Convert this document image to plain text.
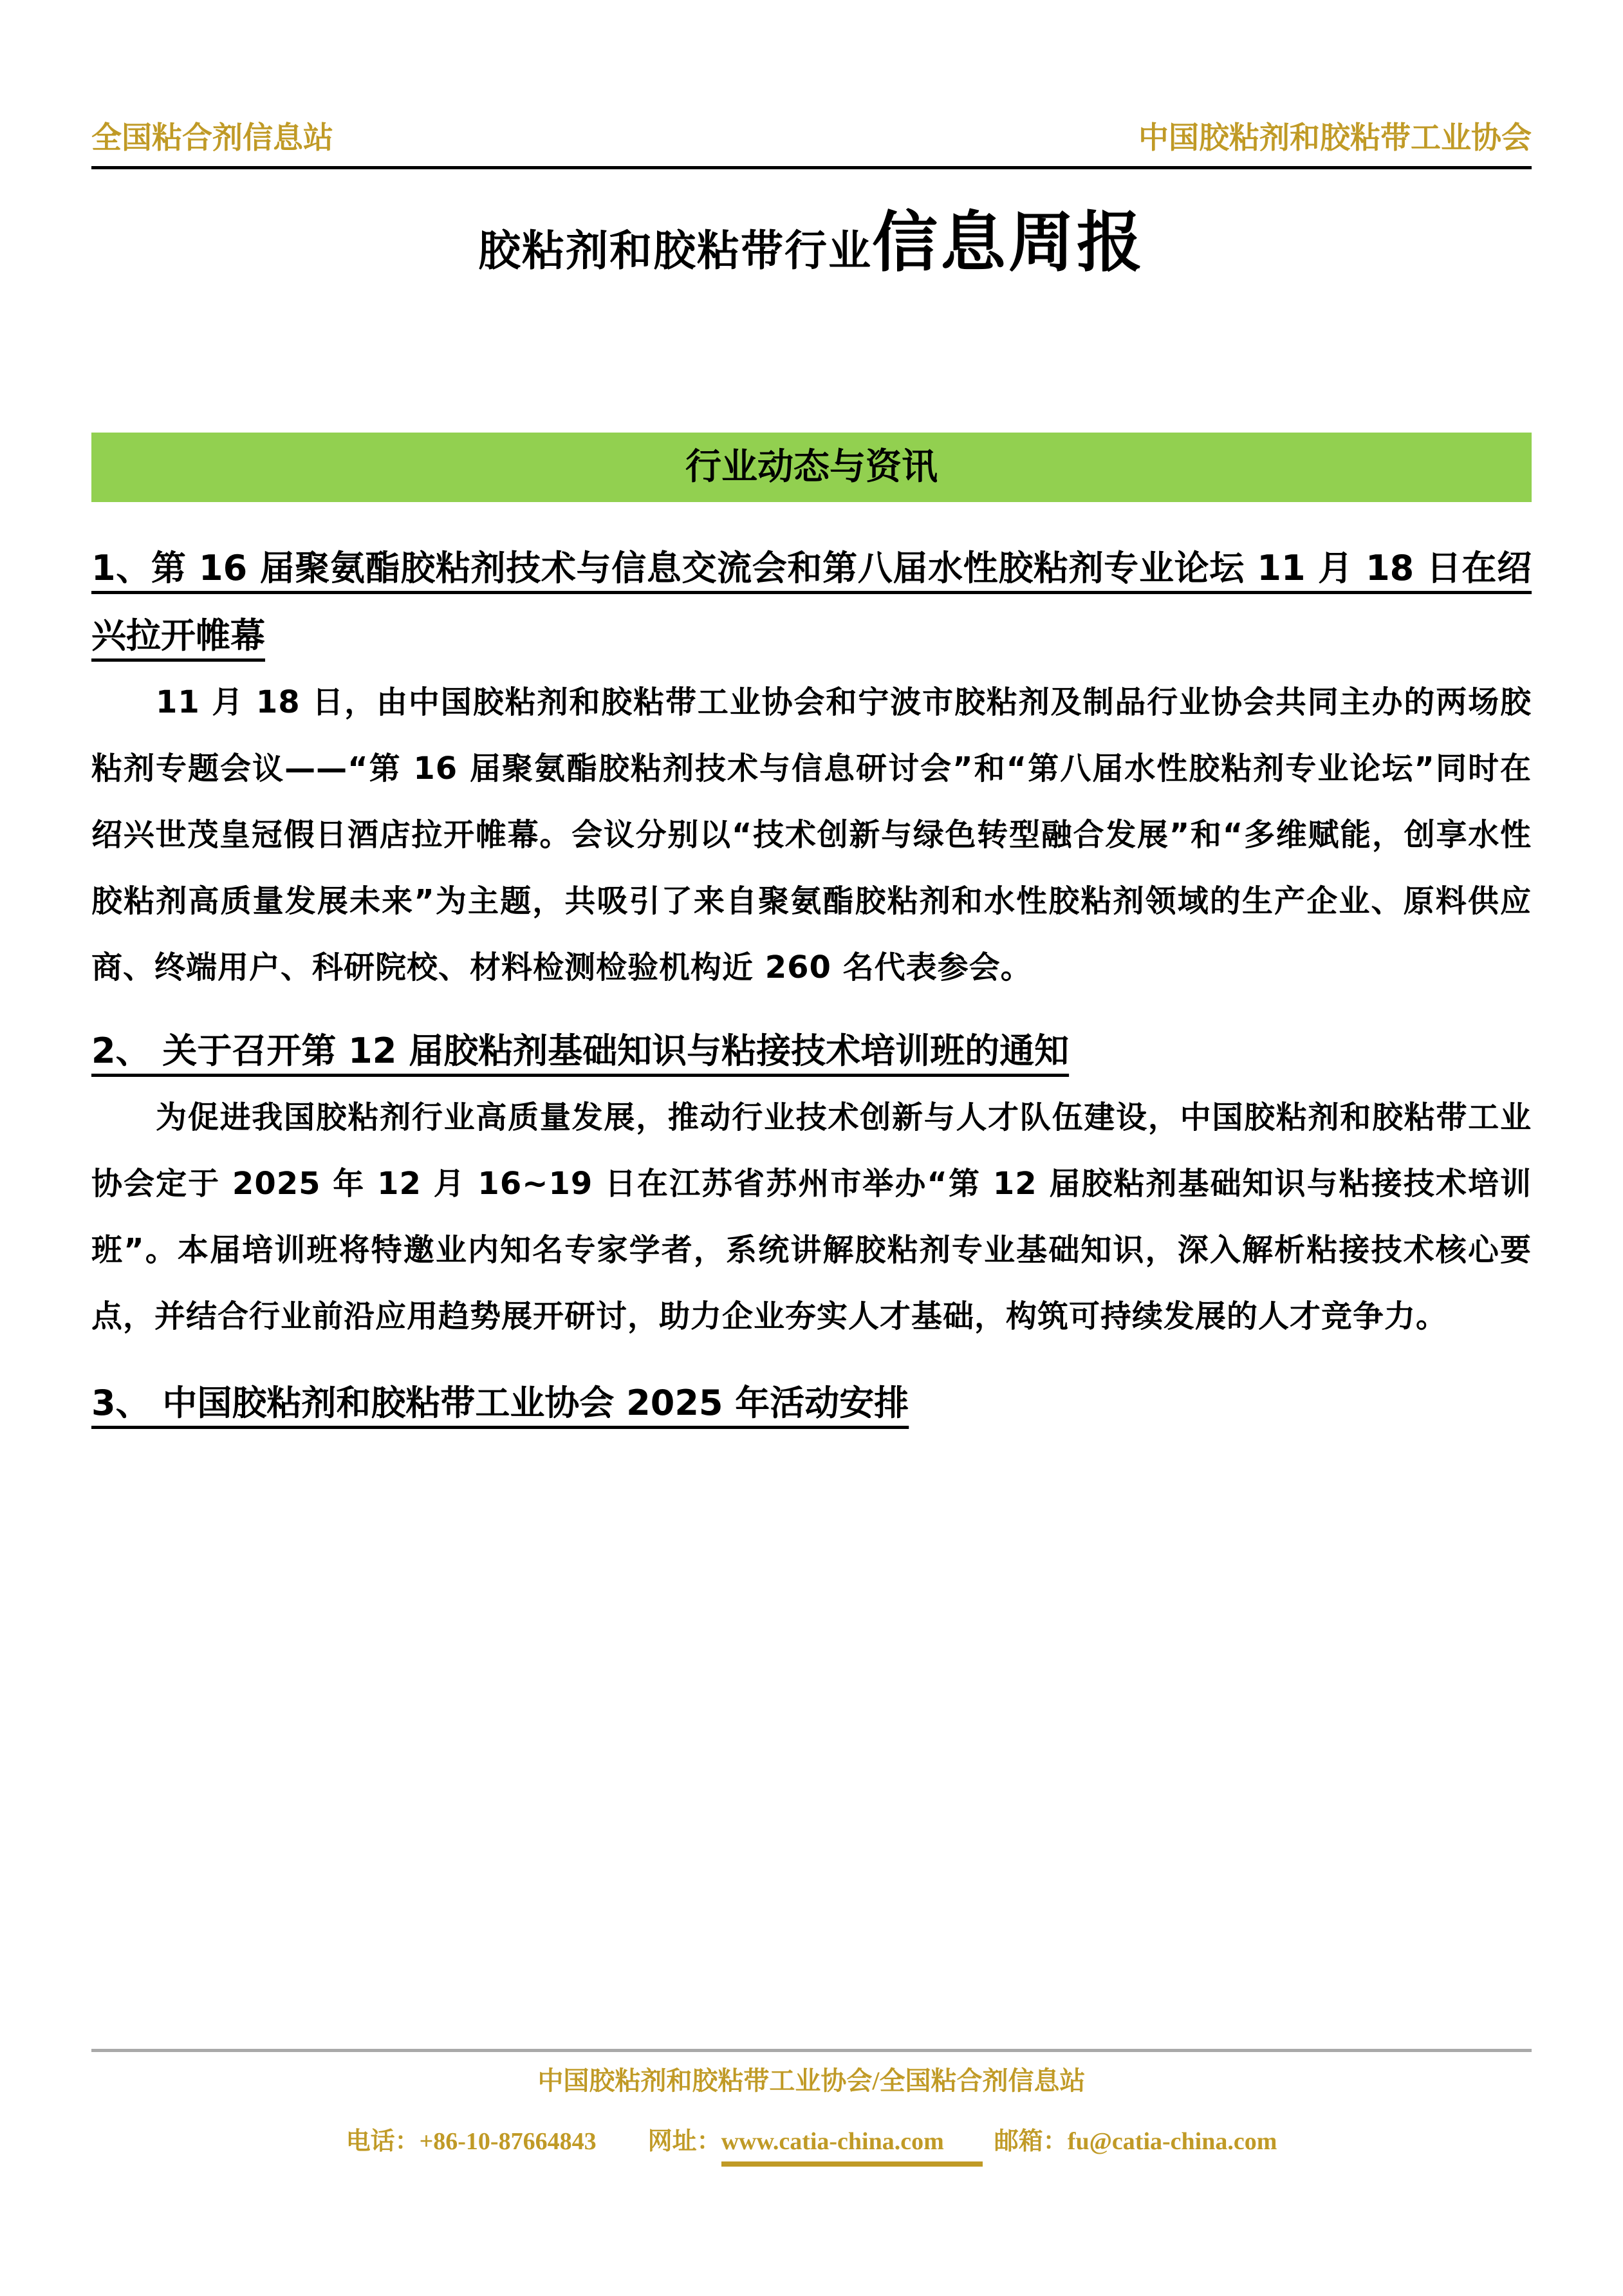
全国粘合剂信息站	中国胶粘剂和胶粘带工业协会
胶粘剂和胶粘带行业信息周报
行业动态与资讯
1、第 16 届聚氨酯胶粘剂技术与信息交流会和第八届水性胶粘剂专业论坛 11 月 18 日在绍兴拉开帷幕

11 月 18 日，由中国胶粘剂和胶粘带工业协会和宁波市胶粘剂及制品行业协会共同主办的两场胶粘剂专题会议——“第 16 届聚氨酯胶粘剂技术与信息研讨会”和“第八届水性胶粘剂专业论坛”同时在绍兴世茂皇冠假日酒店拉开帷幕。会议分别以“技术创新与绿色转型融合发展”和“多维赋能，创享水性胶粘剂高质量发展未来”为主题，共吸引了来自聚氨酯胶粘剂和水性胶粘剂领域的生产企业、原料供应商、终端用户、科研院校、材料检测检验机构近 260 名代表参会。

2、 关于召开第 12 届胶粘剂基础知识与粘接技术培训班的通知

为促进我国胶粘剂行业高质量发展，推动行业技术创新与人才队伍建设，中国胶粘剂和胶粘带工业协会定于 2025 年 12 月 16~19 日在江苏省苏州市举办“第 12 届胶粘剂基础知识与粘接技术培训班”。本届培训班将特邀业内知名专家学者，系统讲解胶粘剂专业基础知识，深入解析粘接技术核心要点，并结合行业前沿应用趋势展开研讨，助力企业夯实人才基础，构筑可持续发展的人才竞争力。

3、 中国胶粘剂和胶粘带工业协会 2025 年活动安排
中国胶粘剂和胶粘带工业协会/全国粘合剂信息站
电话：+86-10-87664843 网址：www.catia-china.com 邮箱：fu@catia-china.com
